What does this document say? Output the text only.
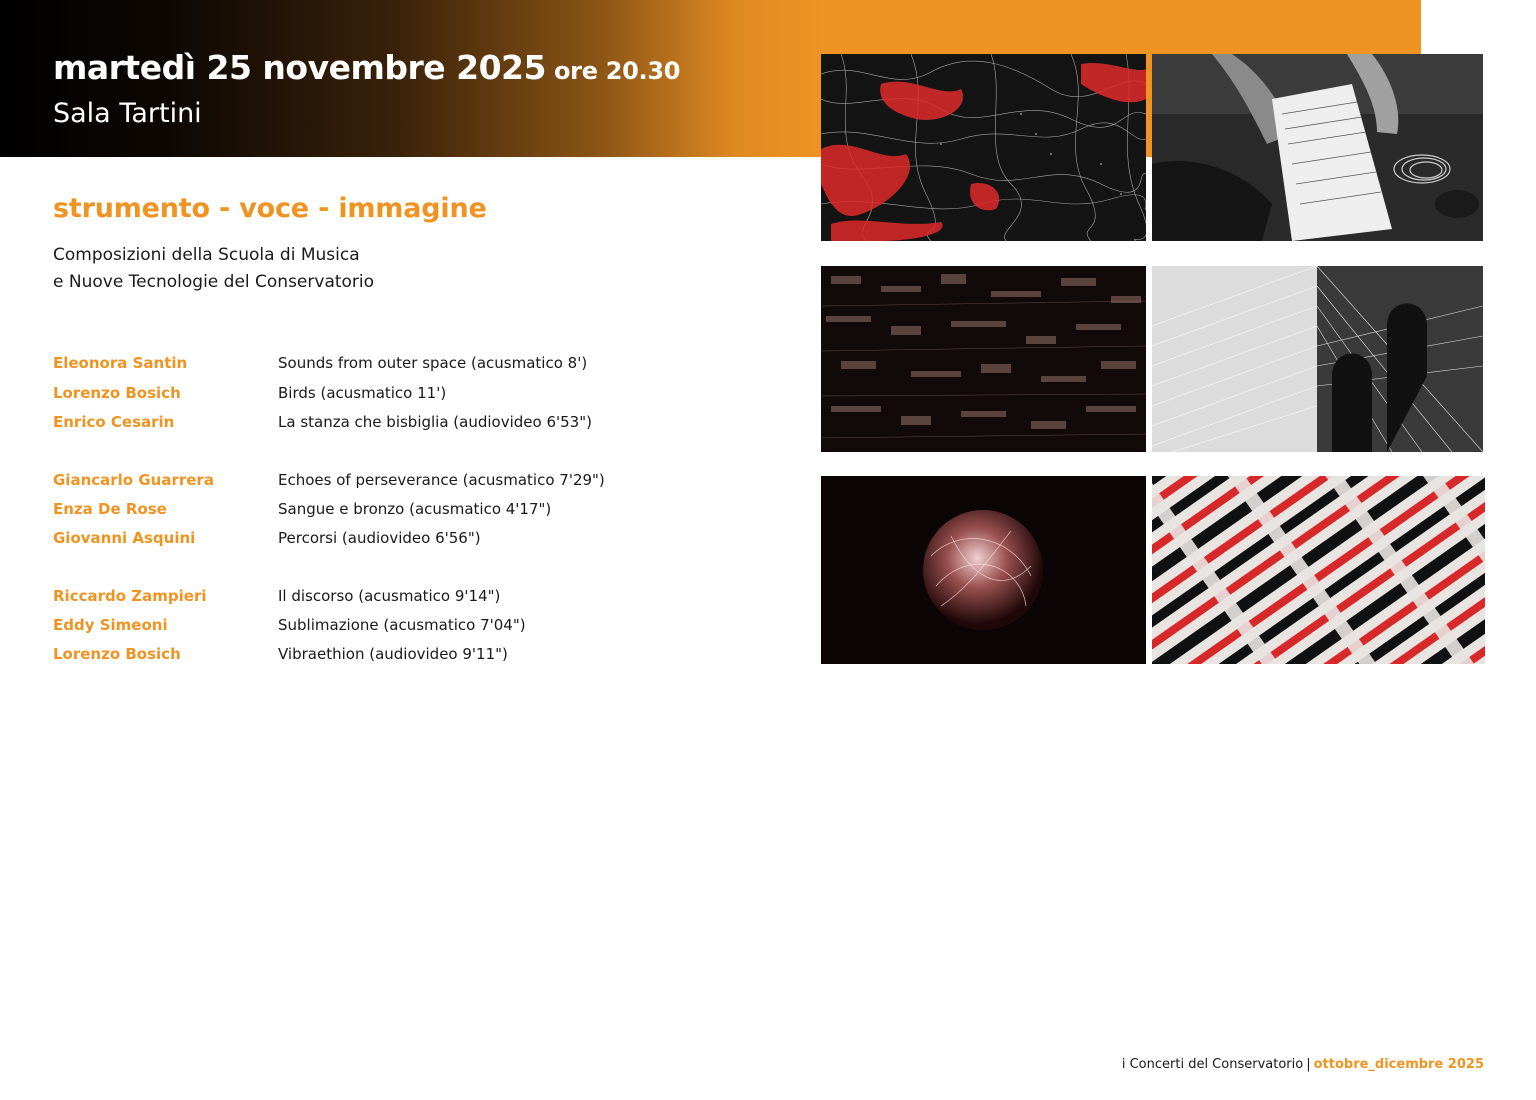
martedì 25 novembre 2025 ore 20.30
Sala Tartini
strumento - voce - immagine
Composizioni della Scuola di Musica
e Nuove Tecnologie del Conservatorio
Eleonora Santin	Sounds from outer space (acusmatico 8')
Lorenzo Bosich	Birds (acusmatico 11')
Enrico Cesarin	La stanza che bisbiglia (audiovideo 6'53")
Giancarlo Guarrera	Echoes of perseverance (acusmatico 7'29")
Enza De Rose	Sangue e bronzo (acusmatico 4'17")
Giovanni Asquini	Percorsi (audiovideo 6'56")
Riccardo Zampieri	Il discorso (acusmatico 9'14")
Eddy Simeoni	Sublimazione (acusmatico 7'04")
Lorenzo Bosich	Vibraethion (audiovideo 9'11")
i Concerti del Conservatorio | ottobre_dicembre 2025
